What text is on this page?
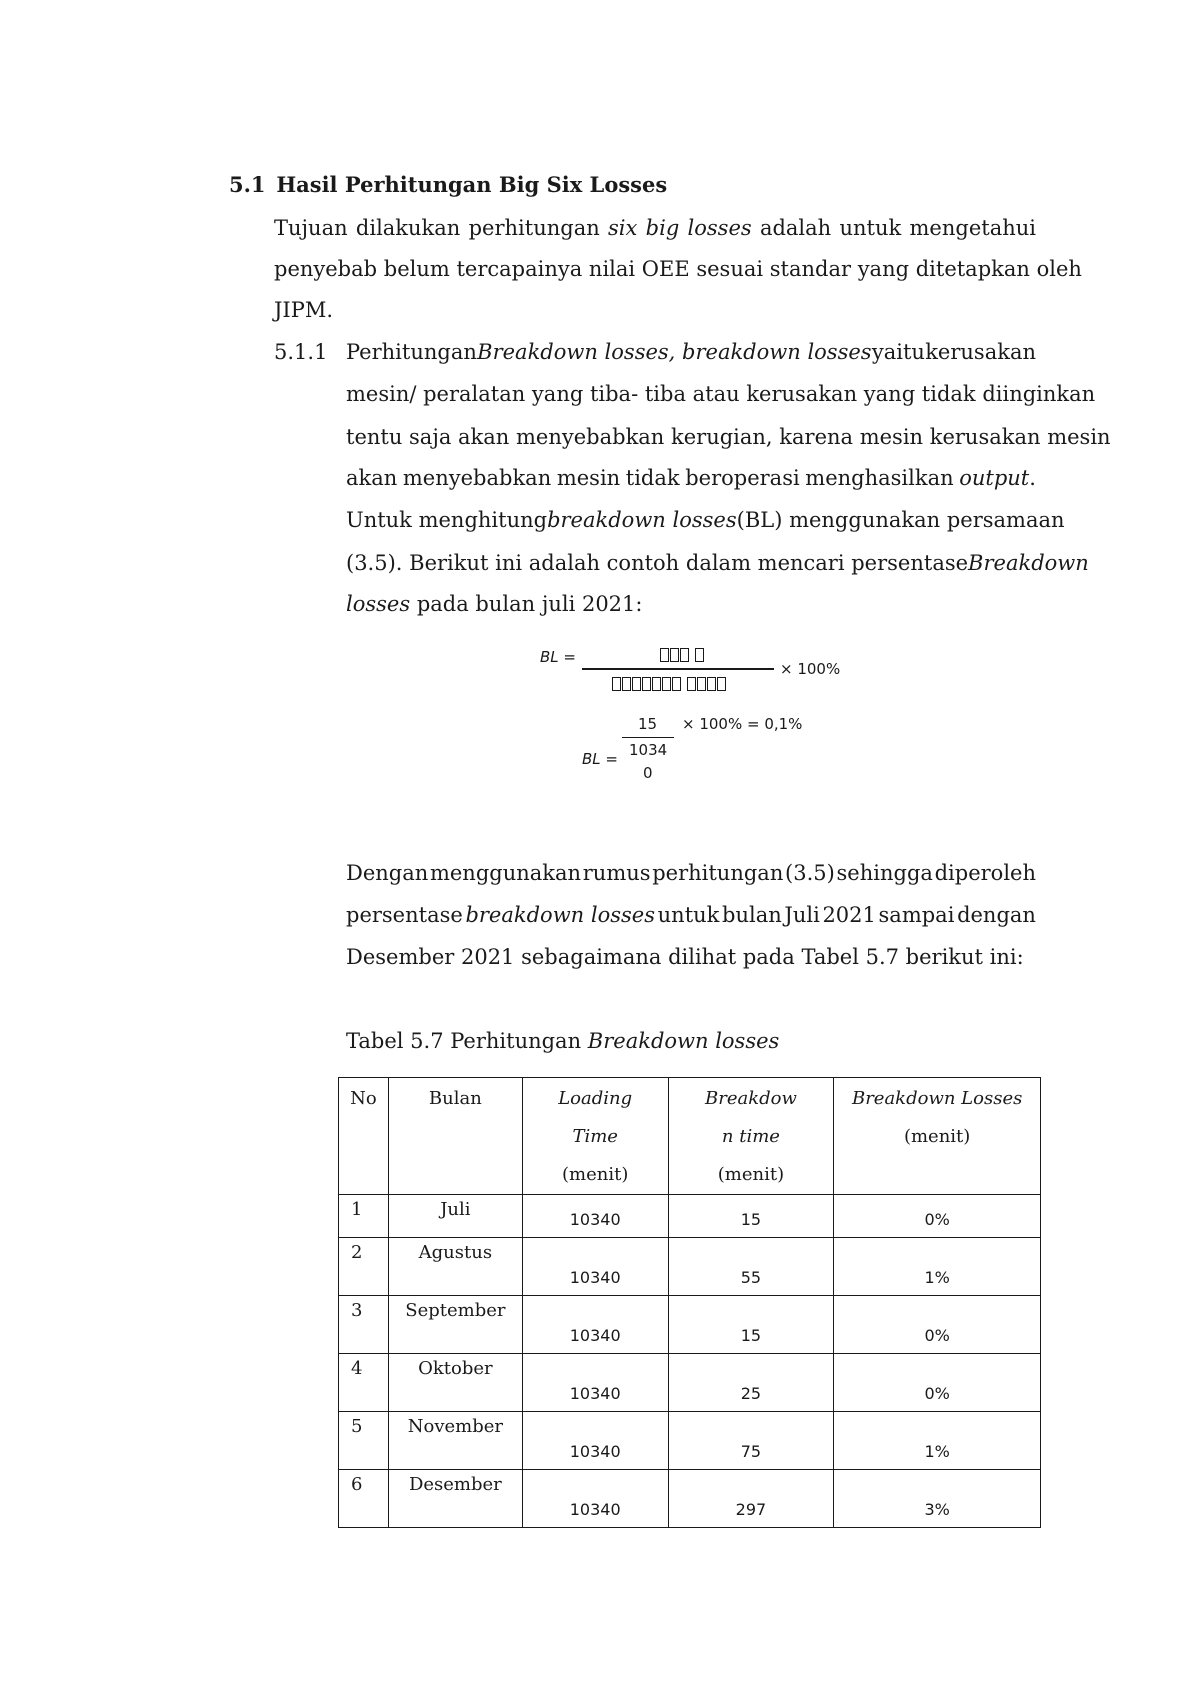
5.1 Hasil Perhitungan Big Six Losses
Tujuan dilakukan perhitungan six big losses adalah untuk mengetahui
penyebab belum tercapainya nilai OEE sesuai standar yang ditetapkan oleh
JIPM.
5.1.1 Perhitungan Breakdown losses, breakdown losses yaitu kerusakan
mesin/ peralatan yang tiba- tiba atau kerusakan yang tidak diinginkan
tentu saja akan menyebabkan kerugian, karena mesin kerusakan mesin
akan menyebabkan mesin tidak beroperasi menghasilkan output.
Untuk menghitung breakdown losses (BL) menggunakan persamaan
(3.5). Berikut ini adalah contoh dalam mencari persentase Breakdown
losses pada bulan juli 2021:
BL =

× 100%
15 × 100% = 0,1%
1034
BL =
0
Dengan menggunakan rumus perhitungan (3.5) sehingga diperoleh
persentase breakdown losses untuk bulan Juli 2021 sampai dengan
Desember 2021 sebagaimana dilihat pada Tabel 5.7 berikut ini:
Tabel 5.7 Perhitungan Breakdown losses
No	Bulan	Loading
Time
(menit)	Breakdow
n time
(menit)	Breakdown Losses
(menit)

1	Juli	10340	15	0%
2	Agustus	10340	55	1%
3	September	10340	15	0%
4	Oktober	10340	25	0%
5	November	10340	75	1%
6	Desember	10340	297	3%
